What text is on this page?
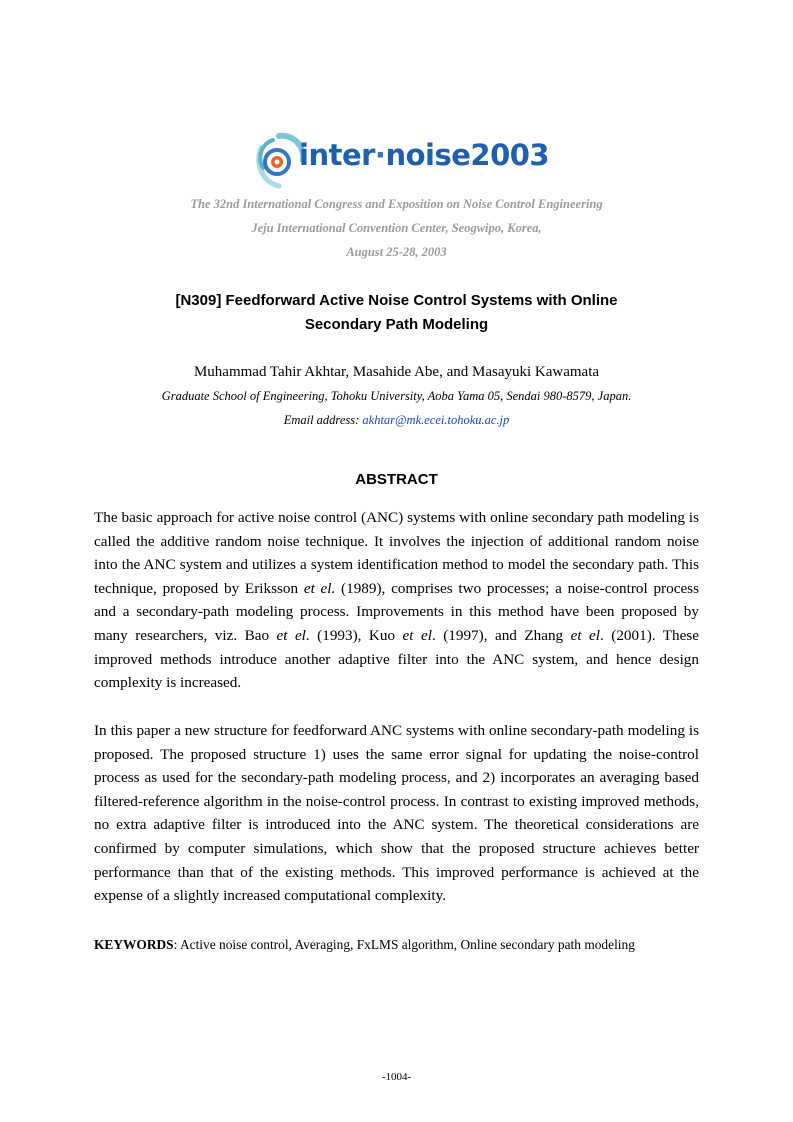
inter·noise2003
The 32nd International Congress and Exposition on Noise Control Engineering
Jeju International Convention Center, Seogwipo, Korea,
August 25-28, 2003
[N309] Feedforward Active Noise Control Systems with Online
Secondary Path Modeling
Muhammad Tahir Akhtar, Masahide Abe, and Masayuki Kawamata
Graduate School of Engineering, Tohoku University, Aoba Yama 05, Sendai 980-8579, Japan.
Email address: akhtar@mk.ecei.tohoku.ac.jp
ABSTRACT

The basic approach for active noise control (ANC) systems with online secondary path modeling is called the additive random noise technique. It involves the injection of additional random noise into the ANC system and utilizes a system identification method to model the secondary path. This technique, proposed by Eriksson et el. (1989), comprises two processes; a noise-control process and a secondary-path modeling process. Improvements in this method have been proposed by many researchers, viz. Bao et el. (1993), Kuo et el. (1997), and Zhang et el. (2001). These improved methods introduce another adaptive filter into the ANC system, and hence design complexity is increased.

In this paper a new structure for feedforward ANC systems with online secondary-path modeling is proposed. The proposed structure 1) uses the same error signal for updating the noise-control process as used for the secondary-path modeling process, and 2) incorporates an averaging based filtered-reference algorithm in the noise-control process. In contrast to existing improved methods, no extra adaptive filter is introduced into the ANC system. The theoretical considerations are confirmed by computer simulations, which show that the proposed structure achieves better performance than that of the existing methods. This improved performance is achieved at the expense of a slightly increased computational complexity.

KEYWORDS: Active noise control, Averaging, FxLMS algorithm, Online secondary path modeling
-1004-
